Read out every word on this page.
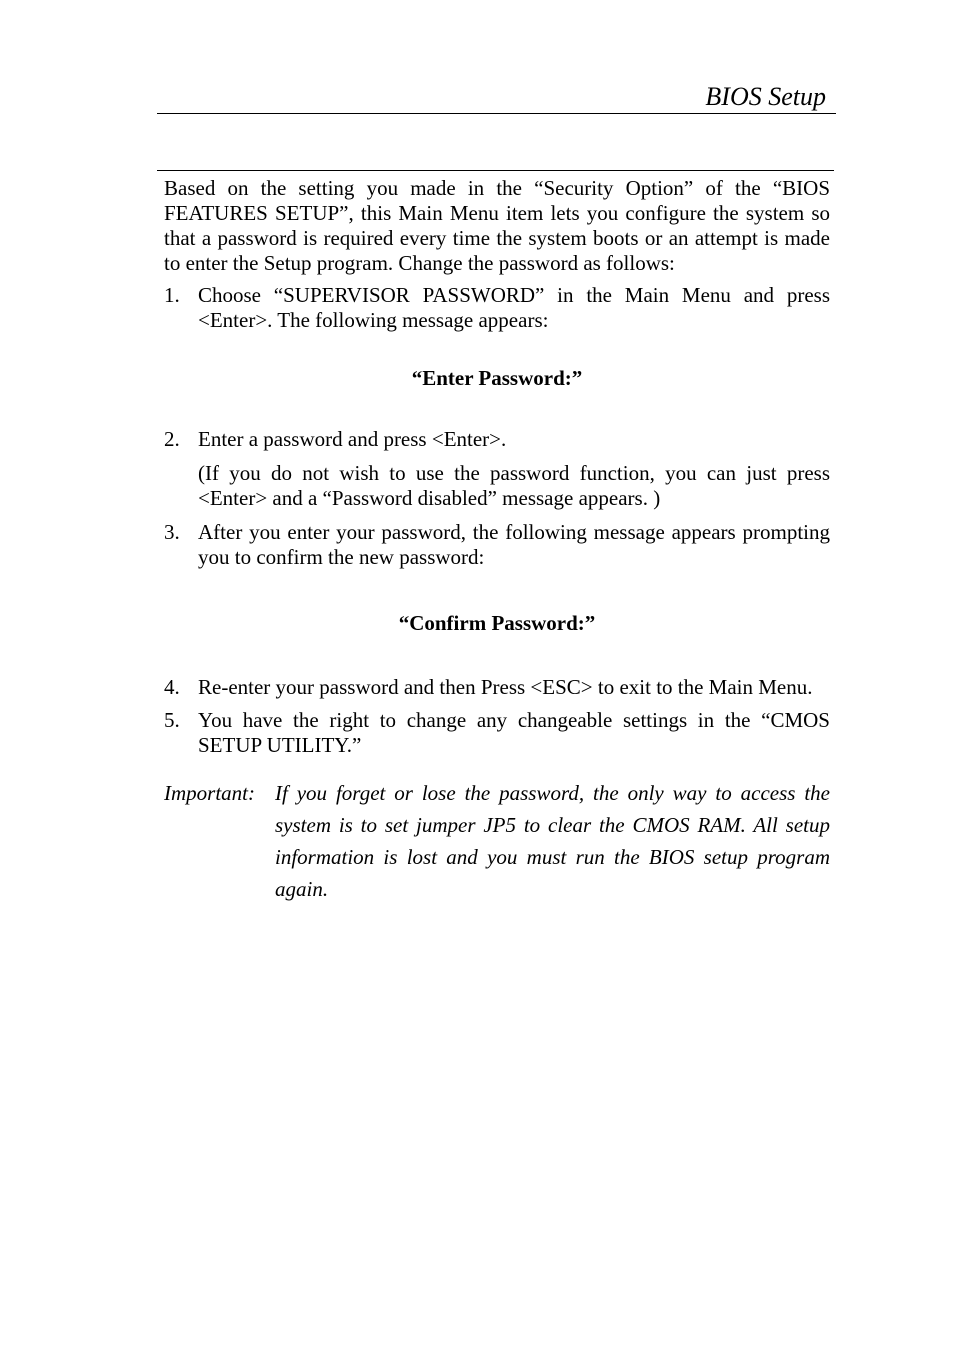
BIOS Setup

Based on the setting you made in the “Security Option” of the “BIOS FEATURES SETUP”, this Main Menu item lets you configure the system so that a password is required every time the system boots or an attempt is made to enter the Setup program. Change the password as follows:

1. Choose “SUPERVISOR PASSWORD” in the Main Menu and press <Enter>. The following message appears:

“Enter Password:”

2. Enter a password and press <Enter>.

(If you do not wish to use the password function, you can just press <Enter> and a “Password disabled” message appears. )

3. After you enter your password, the following message appears prompting you to confirm the new password:

“Confirm Password:”

4. Re-enter your password and then Press <ESC> to exit to the Main Menu.
5. You have the right to change any changeable settings in the “CMOS SETUP UTILITY.”
Important: If you forget or lose the password, the only way to access the system is to set jumper JP5 to clear the CMOS RAM. All setup information is lost and you must run the BIOS setup program again.
